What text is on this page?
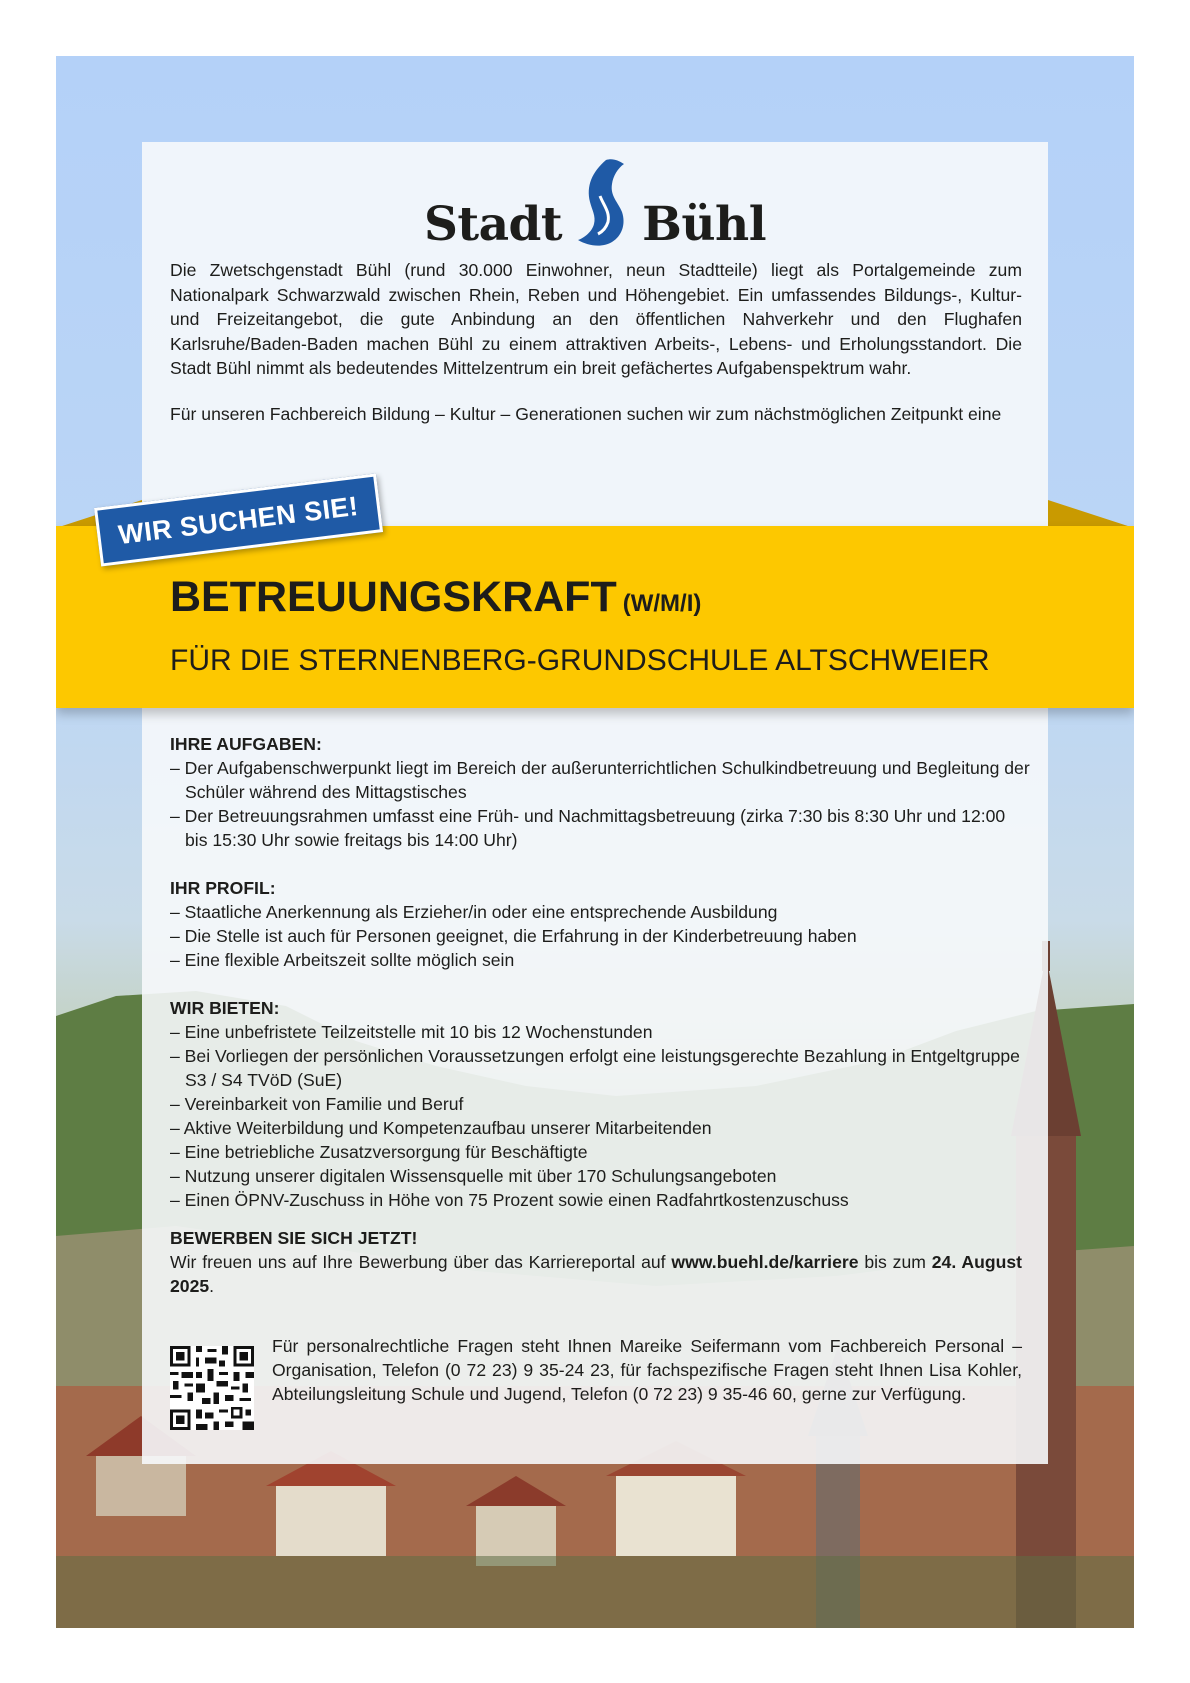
Stadt Bühl

Die Zwetschgenstadt Bühl (rund 30.000 Einwohner, neun Stadtteile) liegt als Portalgemeinde zum Nationalpark Schwarzwald zwischen Rhein, Reben und Höhengebiet. Ein umfassendes Bildungs-, Kultur- und Freizeitangebot, die gute Anbindung an den öffentlichen Nahverkehr und den Flughafen Karlsruhe/Baden-Baden machen Bühl zu einem attraktiven Arbeits-, Lebens- und Erholungsstandort. Die Stadt Bühl nimmt als bedeutendes Mittelzentrum ein breit gefächertes Aufgabenspektrum wahr.

Für unseren Fachbereich Bildung – Kultur – Generationen suchen wir zum nächstmöglichen Zeitpunkt eine

WIR SUCHEN SIE!
BETREUUNGSKRAFT (W/M/I)
FÜR DIE STERNENBERG-GRUNDSCHULE ALTSCHWEIER
IHRE AUFGABEN:
– Der Aufgabenschwerpunkt liegt im Bereich der außerunterrichtlichen Schulkindbetreuung und Begleitung der Schüler während des Mittagstisches
– Der Betreuungsrahmen umfasst eine Früh- und Nachmittagsbetreuung (zirka 7:30 bis 8:30 Uhr und 12:00 bis 15:30 Uhr sowie freitags bis 14:00 Uhr)
IHR PROFIL:
– Staatliche Anerkennung als Erzieher/in oder eine entsprechende Ausbildung
– Die Stelle ist auch für Personen geeignet, die Erfahrung in der Kinderbetreuung haben
– Eine flexible Arbeitszeit sollte möglich sein
WIR BIETEN:
– Eine unbefristete Teilzeitstelle mit 10 bis 12 Wochenstunden
– Bei Vorliegen der persönlichen Voraussetzungen erfolgt eine leistungsgerechte Bezahlung in Entgeltgruppe S3 / S4 TVöD (SuE)
– Vereinbarkeit von Familie und Beruf
– Aktive Weiterbildung und Kompetenzaufbau unserer Mitarbeitenden
– Eine betriebliche Zusatzversorgung für Beschäftigte
– Nutzung unserer digitalen Wissensquelle mit über 170 Schulungsangeboten
– Einen ÖPNV-Zuschuss in Höhe von 75 Prozent sowie einen Radfahrtkostenzuschuss
BEWERBEN SIE SICH JETZT!

Wir freuen uns auf Ihre Bewerbung über das Karriereportal auf www.buehl.de/karriere bis zum 24. August 2025.

Für personalrechtliche Fragen steht Ihnen Mareike Seifermann vom Fachbereich Personal – Organisation, Telefon (0 72 23) 9 35-24 23, für fachspezifische Fragen steht Ihnen Lisa Kohler, Abteilungsleitung Schule und Jugend, Telefon (0 72 23) 9 35-46 60, gerne zur Verfügung.
